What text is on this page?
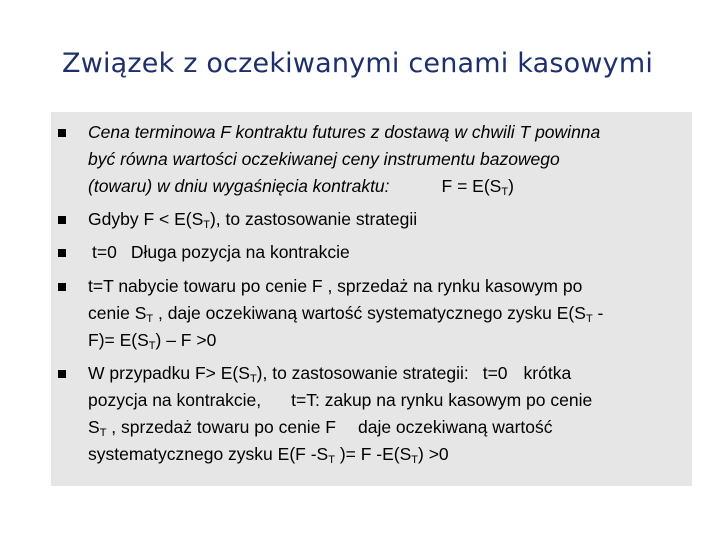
Związek z oczekiwanymi cenami kasowymi
Cena terminowa F kontraktu futures z dostawą w chwili T powinna
być równa wartości oczekiwanej ceny instrumentu bazowego
(towaru) w dniu wygaśnięcia kontraktu:	$F = E(S_T)$
Gdyby $F < E(S_T)$, to zastosowanie strategii
t=0 Długa pozycja na kontrakcie
t=T nabycie towaru po cenie F , sprzedaż na rynku kasowym po
cenie $S_T$ , daje oczekiwaną wartość systematycznego zysku $E(S_T$ -
$F)= E(S_T) - F >0$
W przypadku $F> E(S_T)$, to zastosowanie strategii: t=0 krótka
pozycja na kontrakcie, t=T: zakup na rynku kasowym po cenie
$S_T$ , sprzedaż towaru po cenie F daje oczekiwaną wartość
systematycznego zysku E(F $-S_T$ )= F $-E(S_T) >0$
